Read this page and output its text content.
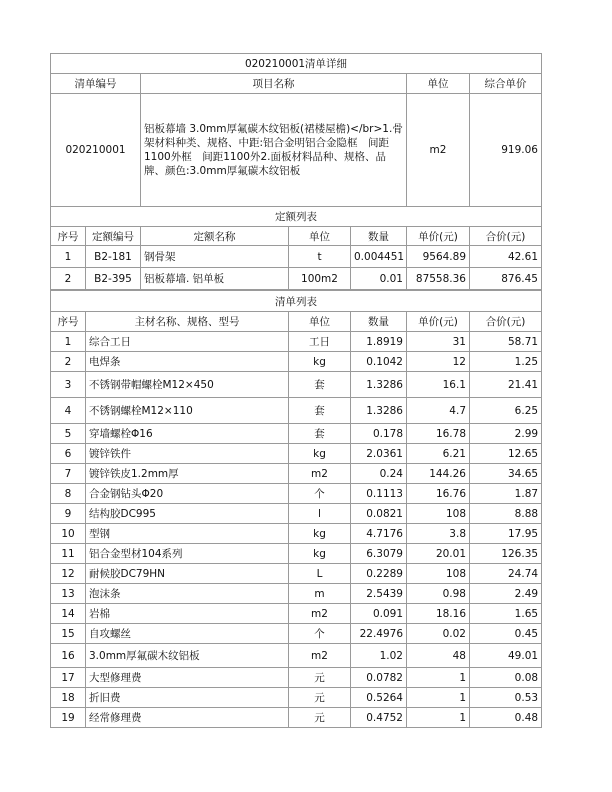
020210001清单详细			
清单编号	项目名称	单位	综合单价
020210001	铝板幕墙 3.0mm厚氟碳木纹铝板(裙楼屋檐)</br>1.骨架材料种类、规格、中距:铝合金明铝合金隐框　间距1100外框　间距1100外2.面板材料品种、规格、品牌、颜色:3.0mm厚氟碳木纹铝板	m2	919.06
定额列表						
序号	定额编号	定额名称	单位	数量	单价(元)	合价(元)
1	B2-181	钢骨架	t	0.004451	9564.89	42.61
2	B2-395	铝板幕墙. 铝单板	100m2	0.01	87558.36	876.45
清单列表					
序号	主材名称、规格、型号	单位	数量	单价(元)	合价(元)
1	综合工日	工日	1.8919	31	58.71
2	电焊条	kg	0.1042	12	1.25
3	不锈钢带帽螺栓M12×450	套	1.3286	16.1	21.41
4	不锈钢螺栓M12×110	套	1.3286	4.7	6.25
5	穿墙螺栓Φ16	套	0.178	16.78	2.99
6	镀锌铁件	kg	2.0361	6.21	12.65
7	镀锌铁皮1.2mm厚	m2	0.24	144.26	34.65
8	合金钢钻头Φ20	个	0.1113	16.76	1.87
9	结构胶DC995	l	0.0821	108	8.88
10	型钢	kg	4.7176	3.8	17.95
11	铝合金型材104系列	kg	6.3079	20.01	126.35
12	耐候胶DC79HN	L	0.2289	108	24.74
13	泡沫条	m	2.5439	0.98	2.49
14	岩棉	m2	0.091	18.16	1.65
15	自攻螺丝	个	22.4976	0.02	0.45
16	3.0mm厚氟碳木纹铝板	m2	1.02	48	49.01
17	大型修理费	元	0.0782	1	0.08
18	折旧费	元	0.5264	1	0.53
19	经常修理费	元	0.4752	1	0.48
